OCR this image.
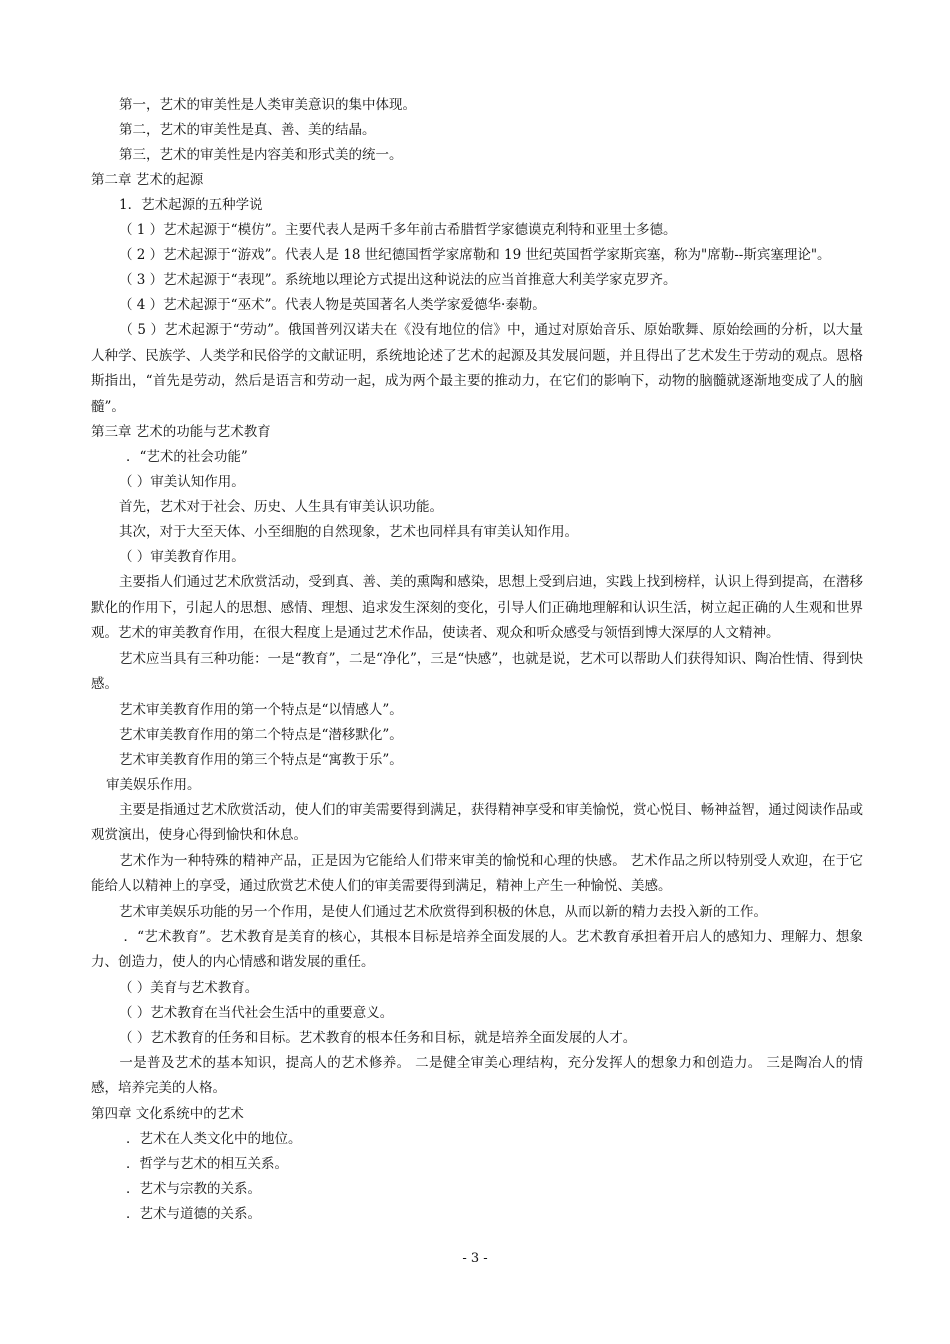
第一，艺术的审美性是人类审美意识的集中体现。

第二，艺术的审美性是真、善、美的结晶。

第三，艺术的审美性是内容美和形式美的统一。

第二章 艺术的起源

1．艺术起源的五种学说

（ 1 ）艺术起源于“模仿”。主要代表人是两千多年前古希腊哲学家德谟克利特和亚里士多德。

（ 2 ）艺术起源于“游戏”。代表人是 18 世纪德国哲学家席勒和 19 世纪英国哲学家斯宾塞，称为"席勒--斯宾塞理论"。

（ 3 ）艺术起源于“表现”。系统地以理论方式提出这种说法的应当首推意大利美学家克罗齐。

（ 4 ）艺术起源于“巫术”。代表人物是英国著名人类学家爱德华·泰勒。

（ 5 ）艺术起源于“劳动”。俄国普列汉诺夫在《没有地位的信》中，通过对原始音乐、原始歌舞、原始绘画的分析，以大量人种学、民族学、人类学和民俗学的文献证明，系统地论述了艺术的起源及其发展问题，并且得出了艺术发生于劳动的观点。恩格斯指出，“首先是劳动，然后是语言和劳动一起，成为两个最主要的推动力，在它们的影响下，动物的脑髓就逐渐地变成了人的脑髓”。

第三章 艺术的功能与艺术教育

．“艺术的社会功能”

（ ）审美认知作用。

首先，艺术对于社会、历史、人生具有审美认识功能。

其次，对于大至天体、小至细胞的自然现象，艺术也同样具有审美认知作用。

（ ）审美教育作用。

主要指人们通过艺术欣赏活动，受到真、善、美的熏陶和感染，思想上受到启迪，实践上找到榜样，认识上得到提高，在潜移默化的作用下，引起人的思想、感情、理想、追求发生深刻的变化，引导人们正确地理解和认识生活，树立起正确的人生观和世界观。艺术的审美教育作用，在很大程度上是通过艺术作品，使读者、观众和听众感受与领悟到博大深厚的人文精神。

艺术应当具有三种功能：一是“教育”，二是“净化”，三是“快感”，也就是说，艺术可以帮助人们获得知识、陶冶性情、得到快感。

艺术审美教育作用的第一个特点是“以情感人”。

艺术审美教育作用的第二个特点是“潜移默化”。

艺术审美教育作用的第三个特点是“寓教于乐”。

审美娱乐作用。

主要是指通过艺术欣赏活动，使人们的审美需要得到满足，获得精神享受和审美愉悦，赏心悦目、畅神益智，通过阅读作品或观赏演出，使身心得到愉快和休息。

艺术作为一种特殊的精神产品，正是因为它能给人们带来审美的愉悦和心理的快感。 艺术作品之所以特别受人欢迎，在于它能给人以精神上的享受，通过欣赏艺术使人们的审美需要得到满足，精神上产生一种愉悦、美感。

艺术审美娱乐功能的另一个作用，是使人们通过艺术欣赏得到积极的休息，从而以新的精力去投入新的工作。

．“艺术教育”。艺术教育是美育的核心，其根本目标是培养全面发展的人。艺术教育承担着开启人的感知力、理解力、想象力、创造力，使人的内心情感和谐发展的重任。

（ ）美育与艺术教育。

（ ）艺术教育在当代社会生活中的重要意义。

（ ）艺术教育的任务和目标。艺术教育的根本任务和目标，就是培养全面发展的人才。

一是普及艺术的基本知识，提高人的艺术修养。 二是健全审美心理结构，充分发挥人的想象力和创造力。 三是陶冶人的情感，培养完美的人格。

第四章 文化系统中的艺术

．艺术在人类文化中的地位。

．哲学与艺术的相互关系。

．艺术与宗教的关系。

．艺术与道德的关系。

- 3 -
